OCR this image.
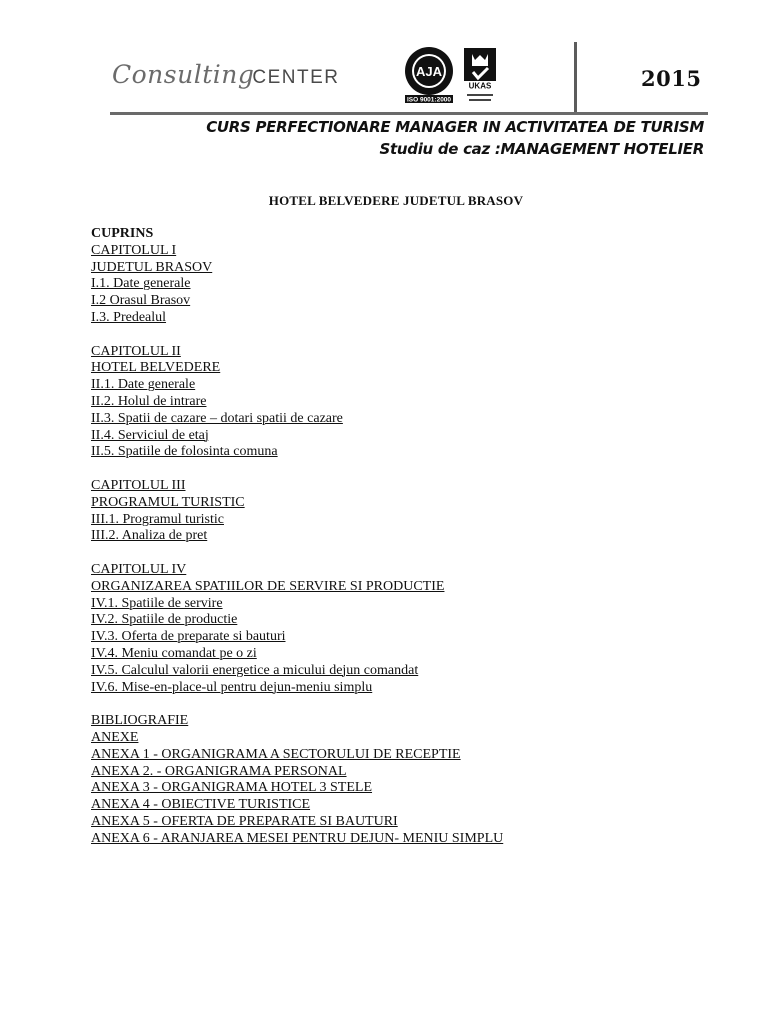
ConsultingCENTER	AJA
ISO 9001:2000
UKAS	2015
CURS PERFECTIONARE MANAGER IN ACTIVITATEA DE TURISM
Studiu de caz :MANAGEMENT HOTELIER
HOTEL BELVEDERE JUDETUL BRASOV
CUPRINS
CAPITOLUL I
JUDETUL BRASOV
I.1. Date generale
I.2 Orasul Brasov
I.3. Predealul
CAPITOLUL II
HOTEL BELVEDERE
II.1. Date generale
II.2. Holul de intrare
II.3. Spatii de cazare – dotari spatii de cazare
II.4. Serviciul de etaj
II.5. Spatiile de folosinta comuna
CAPITOLUL III
PROGRAMUL TURISTIC
III.1. Programul turistic
III.2. Analiza de pret
CAPITOLUL IV
ORGANIZAREA SPATIILOR DE SERVIRE SI PRODUCTIE
IV.1. Spatiile de servire
IV.2. Spatiile de productie
IV.3. Oferta de preparate si bauturi
IV.4. Meniu comandat pe o zi
IV.5. Calculul valorii energetice a micului dejun comandat
IV.6. Mise-en-place-ul pentru dejun-meniu simplu
BIBLIOGRAFIE
ANEXE
ANEXA 1 - ORGANIGRAMA A SECTORULUI DE RECEPTIE
ANEXA 2. - ORGANIGRAMA PERSONAL
ANEXA 3 - ORGANIGRAMA HOTEL 3 STELE
ANEXA 4 - OBIECTIVE TURISTICE
ANEXA 5 - OFERTA DE PREPARATE SI BAUTURI
ANEXA 6 - ARANJAREA MESEI PENTRU DEJUN- MENIU SIMPLU
